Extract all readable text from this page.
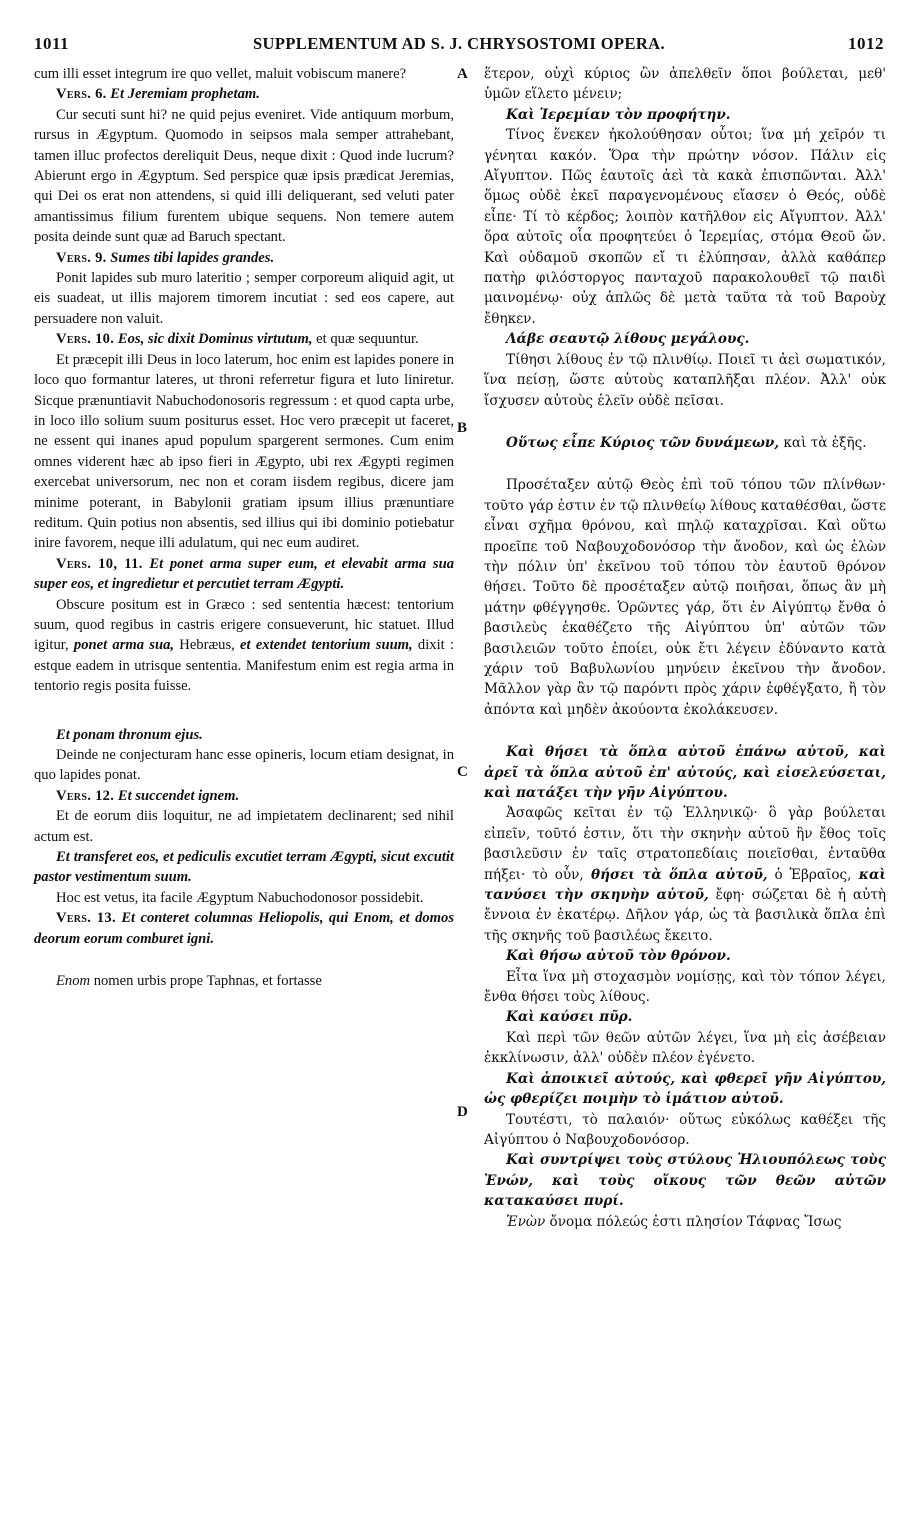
1011	SUPPLEMENTUM AD S. J. CHRYSOSTOMI OPERA.	1012
A
B
C
D

cum illi esset integrum ire quo vellet, maluit vobiscum manere?

Vers. 6. Et Jeremiam prophetam.

Cur secuti sunt hi? ne quid pejus eveniret. Vide antiquum morbum, rursus in Ægyptum. Quomodo in seipsos mala semper attrahebant, tamen illuc profectos dereliquit Deus, neque dixit : Quod inde lucrum? Abierunt ergo in Ægyptum. Sed perspice quæ ipsis prædicat Jeremias, qui Dei os erat non attendens, si quid illi deliquerant, sed veluti pater amantissimus filium furentem ubique sequens. Non temere autem posita deinde sunt quæ ad Baruch spectant.

Vers. 9. Sumes tibi lapides grandes.

Ponit lapides sub muro lateritio ; semper corporeum aliquid agit, ut eis suadeat, ut illis majorem timorem incutiat : sed eos capere, aut persuadere non valuit.

Vers. 10. Eos, sic dixit Dominus virtutum, et quæ sequuntur.

Et præcepit illi Deus in loco laterum, hoc enim est lapides ponere in loco quo formantur lateres, ut throni referretur figura et luto liniretur. Sicque prænuntiavit Nabuchodonosoris regressum : et quod capta urbe, in loco illo solium suum positurus esset. Hoc vero præcepit ut faceret, ne essent qui inanes apud populum spargerent sermones. Cum enim omnes viderent hæc ab ipso fieri in Ægypto, ubi rex Ægypti regimen exercebat universorum, nec non et coram iisdem regibus, dicere jam minime poterant, in Babylonii gratiam ipsum illius prænuntiare reditum. Quin potius non absentis, sed illius qui ibi dominio potiebatur inire favorem, neque illi adulatum, qui nec eum audiret.

Vers. 10, 11. Et ponet arma super eum, et elevabit arma sua super eos, et ingredietur et percutiet terram Ægypti.

Obscure positum est in Græco : sed sententia hæcest: tentorium suum, quod regibus in castris erigere consueverunt, hic statuet. Illud igitur, ponet arma sua, Hebræus, et extendet tentorium suum, dixit : estque eadem in utrisque sententia. Manifestum enim est regia arma in tentorio regis posita fuisse.

Et ponam thronum ejus.

Deinde ne conjecturam hanc esse opineris, locum etiam designat, in quo lapides ponat.

Vers. 12. Et succendet ignem.

Et de eorum diis loquitur, ne ad impietatem declinarent; sed nihil actum est.

Et transferet eos, et pediculis excutiet terram Ægypti, sicut excutit pastor vestimentum suum.

Hoc est vetus, ita facile Ægyptum Nabuchodonosor possidebit.

Vers. 13. Et conteret columnas Heliopolis, qui Enom, et domos deorum eorum comburet igni.

Enom nomen urbis prope Taphnas, et fortasse

ἕτερον, οὐχὶ κύριος ὢν ἀπελθεῖν ὅποι βούλεται, μεθ' ὑμῶν εἵλετο μένειν;

Καὶ Ἱερεμίαν τὸν προφήτην.

Τίνος ἕνεκεν ἠκολούθησαν οὗτοι; ἵνα μή χεῖρόν τι γένηται κακόν. Ὅρα τὴν πρώτην νόσον. Πάλιν εἰς Αἴγυπτον. Πῶς ἑαυτοῖς ἀεὶ τὰ κακὰ ἐπισπῶνται. Ἀλλ' ὅμως οὐδὲ ἐκεῖ παραγενομένους εἴασεν ὁ Θεός, οὐδὲ εἶπε· Τί τὸ κέρδος; λοιπὸν κατῆλθον εἰς Αἴγυπτον. Ἀλλ' ὅρα αὐτοῖς οἷα προφητεύει ὁ Ἱερεμίας, στόμα Θεοῦ ὤν. Καὶ οὐδαμοῦ σκοπῶν εἴ τι ἐλύπησαν, ἀλλὰ καθάπερ πατὴρ φιλόστοργος πανταχοῦ παρακολουθεῖ τῷ παιδὶ μαινομένῳ· οὐχ ἁπλῶς δὲ μετὰ ταῦτα τὰ τοῦ Βαροὺχ ἔθηκεν.

Λάβε σεαυτῷ λίθους μεγάλους.

Τίθησι λίθους ἐν τῷ πλινθίῳ. Ποιεῖ τι ἀεὶ σωματικόν, ἵνα πείσῃ, ὥστε αὐτοὺς καταπλῆξαι πλέον. Ἀλλ' οὐκ ἴσχυσεν αὐτοὺς ἑλεῖν οὐδὲ πεῖσαι.

Οὕτως εἶπε Κύριος τῶν δυνάμεων, καὶ τὰ ἑξῆς.

Προσέταξεν αὐτῷ Θεὸς ἐπὶ τοῦ τόπου τῶν πλίνθων· τοῦτο γάρ ἐστιν ἐν τῷ πλινθείῳ λίθους καταθέσθαι, ὥστε εἶναι σχῆμα θρόνου, καὶ πηλῷ καταχρῖσαι. Καὶ οὕτω προεῖπε τοῦ Ναβουχοδονόσορ τὴν ἄνοδον, καὶ ὡς ἑλὼν τὴν πόλιν ὑπ' ἐκεῖνου τοῦ τόπου τὸν ἑαυτοῦ θρόνον θήσει. Τοῦτο δὲ προσέταξεν αὐτῷ ποιῆσαι, ὅπως ἂν μὴ μάτην φθέγγησθε. Ὁρῶντες γάρ, ὅτι ἐν Αἰγύπτῳ ἔνθα ὁ βασιλεὺς ἐκαθέζετο τῆς Αἰγύπτου ὑπ' αὐτῶν τῶν βασιλειῶν τοῦτο ἐποίει, οὐκ ἔτι λέγειν ἐδύναντο κατὰ χάριν τοῦ Βαβυλωνίου μηνύειν ἐκεῖνου τὴν ἄνοδον. Μᾶλλον γὰρ ἂν τῷ παρόντι πρὸς χάριν ἐφθέγξατο, ἢ τὸν ἀπόντα καὶ μηδὲν ἀκούοντα ἐκολάκευσεν.

Καὶ θήσει τὰ ὅπλα αὐτοῦ ἐπάνω αὐτοῦ, καὶ ἀρεῖ τὰ ὅπλα αὐτοῦ ἐπ' αὐτούς, καὶ εἰσελεύσεται, καὶ πατάξει τὴν γῆν Αἰγύπτου.

Ἀσαφῶς κεῖται ἐν τῷ Ἑλληνικῷ· ὃ γὰρ βούλεται εἰπεῖν, τοῦτό ἐστιν, ὅτι τὴν σκηνὴν αὐτοῦ ἣν ἔθος τοῖς βασιλεῦσιν ἐν ταῖς στρατοπεδίαις ποιεῖσθαι, ἐνταῦθα πήξει· τὸ οὖν, θήσει τὰ ὅπλα αὐτοῦ, ὁ Ἑβραῖος, καὶ τανύσει τὴν σκηνὴν αὐτοῦ, ἔφη· σώζεται δὲ ἡ αὐτὴ ἔννοια ἐν ἑκατέρῳ. Δῆλον γάρ, ὡς τὰ βασιλικὰ ὅπλα ἐπὶ τῆς σκηνῆς τοῦ βασιλέως ἔκειτο.

Καὶ θήσω αὐτοῦ τὸν θρόνον.

Εἶτα ἵνα μὴ στοχασμὸν νομίσῃς, καὶ τὸν τόπον λέγει, ἔνθα θήσει τοὺς λίθους.

Καὶ καύσει πῦρ.

Καὶ περὶ τῶν θεῶν αὐτῶν λέγει, ἵνα μὴ εἰς ἀσέβειαν ἐκκλίνωσιν, ἀλλ' οὐδὲν πλέον ἐγένετο.

Καὶ ἀποικιεῖ αὐτούς, καὶ φθερεῖ γῆν Αἰγύπτου, ὡς φθερίζει ποιμὴν τὸ ἱμάτιον αὐτοῦ.

Τουτέστι, τὸ παλαιόν· οὕτως εὐκόλως καθέξει τῆς Αἰγύπτου ὁ Ναβουχοδονόσορ.

Καὶ συντρίψει τοὺς στύλους Ἡλιουπόλεως τοὺς Ἐνών, καὶ τοὺς οἴκους τῶν θεῶν αὐτῶν κατακαύσει πυρί.

Ἐνὼν ὄνομα πόλεώς ἐστι πλησίον Τάφνας Ἴσως
